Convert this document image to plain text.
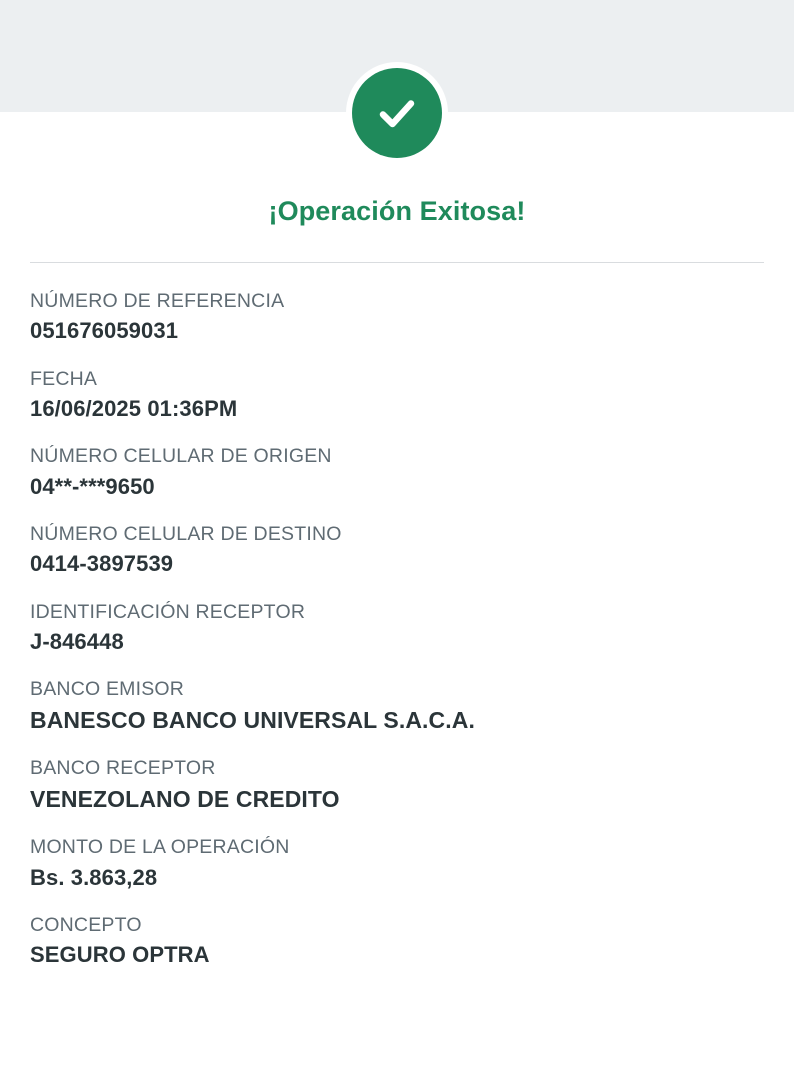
¡Operación Exitosa!
NÚMERO DE REFERENCIA
051676059031
FECHA
16/06/2025 01:36PM
NÚMERO CELULAR DE ORIGEN
04**-***9650
NÚMERO CELULAR DE DESTINO
0414-3897539
IDENTIFICACIÓN RECEPTOR
J-846448
BANCO EMISOR
BANESCO BANCO UNIVERSAL S.A.C.A.
BANCO RECEPTOR
VENEZOLANO DE CREDITO
MONTO DE LA OPERACIÓN
Bs. 3.863,28
CONCEPTO
SEGURO OPTRA
